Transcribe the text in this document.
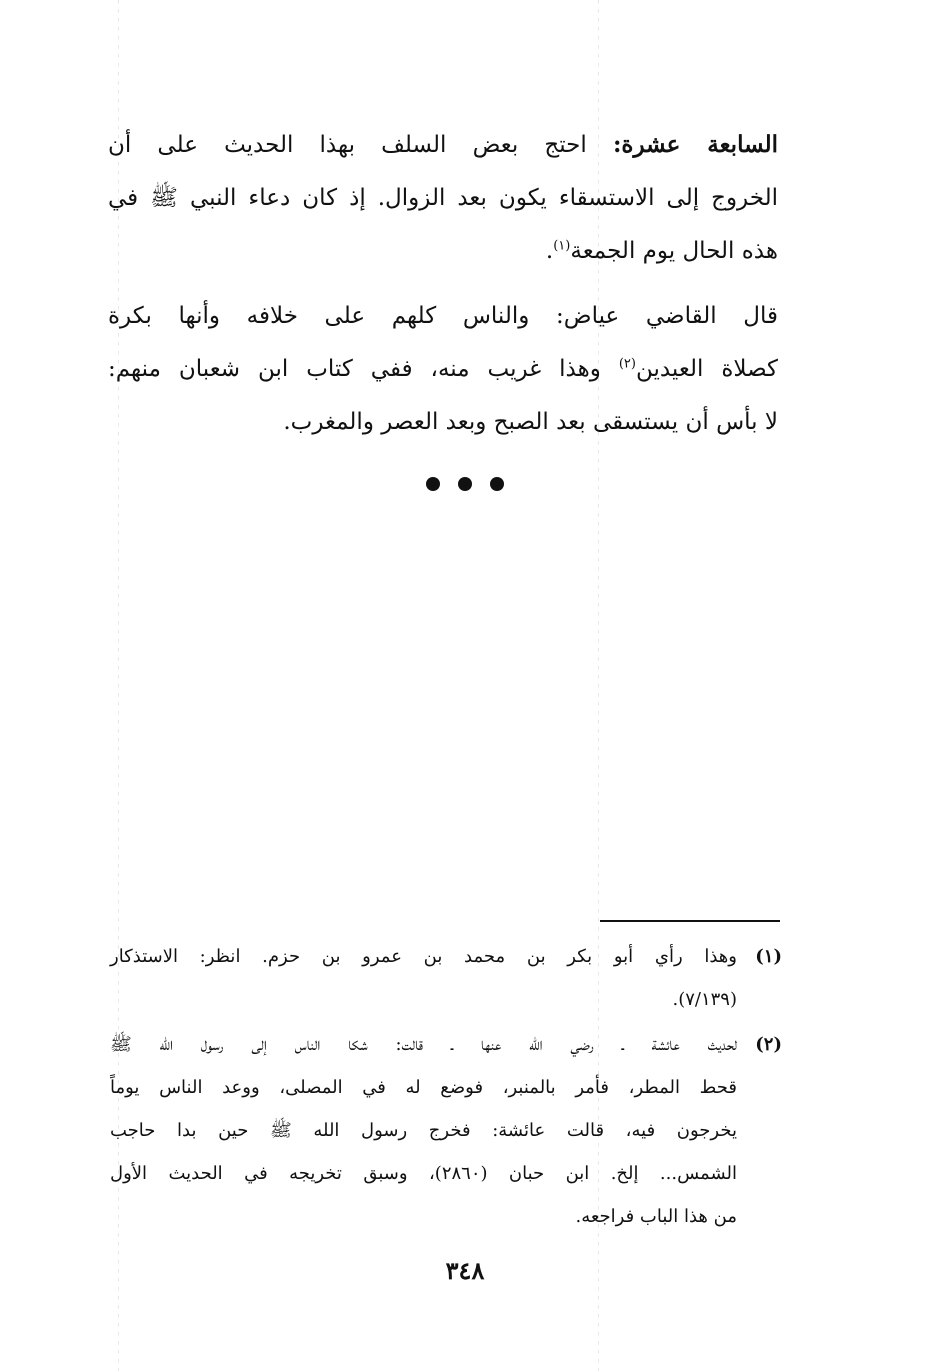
السابعة عشرة: احتج بعض السلف بهذا الحديث على أن
الخروج إلى الاستسقاء يكون بعد الزوال. إذ كان دعاء النبي ﷺ في
هذه الحال يوم الجمعة$^{(١)}$.

قال القاضي عياض: والناس كلهم على خلافه وأنها بكرة
كصلاة العيدين$^{(٢)}$ وهذا غريب منه، ففي كتاب ابن شعبان منهم:
لا بأس أن يستسقى بعد الصبح وبعد العصر والمغرب.

(١)
وهذا رأي أبو بكر بن محمد بن عمرو بن حزم. انظر: الاستذكار
(٧/١٣٩).
(٢)
لحديث عائشة ـ رضي الله عنها ـ قالت: شكا الناس إلى رسول الله ﷺ
قحط المطر، فأمر بالمنبر، فوضع له في المصلى، ووعد الناس يوماً
يخرجون فيه، قالت عائشة: فخرج رسول الله ﷺ حين بدا حاجب
الشمس... إلخ. ابن حبان (٢٨٦٠)، وسبق تخريجه في الحديث الأول
من هذا الباب فراجعه.
٣٤٨
